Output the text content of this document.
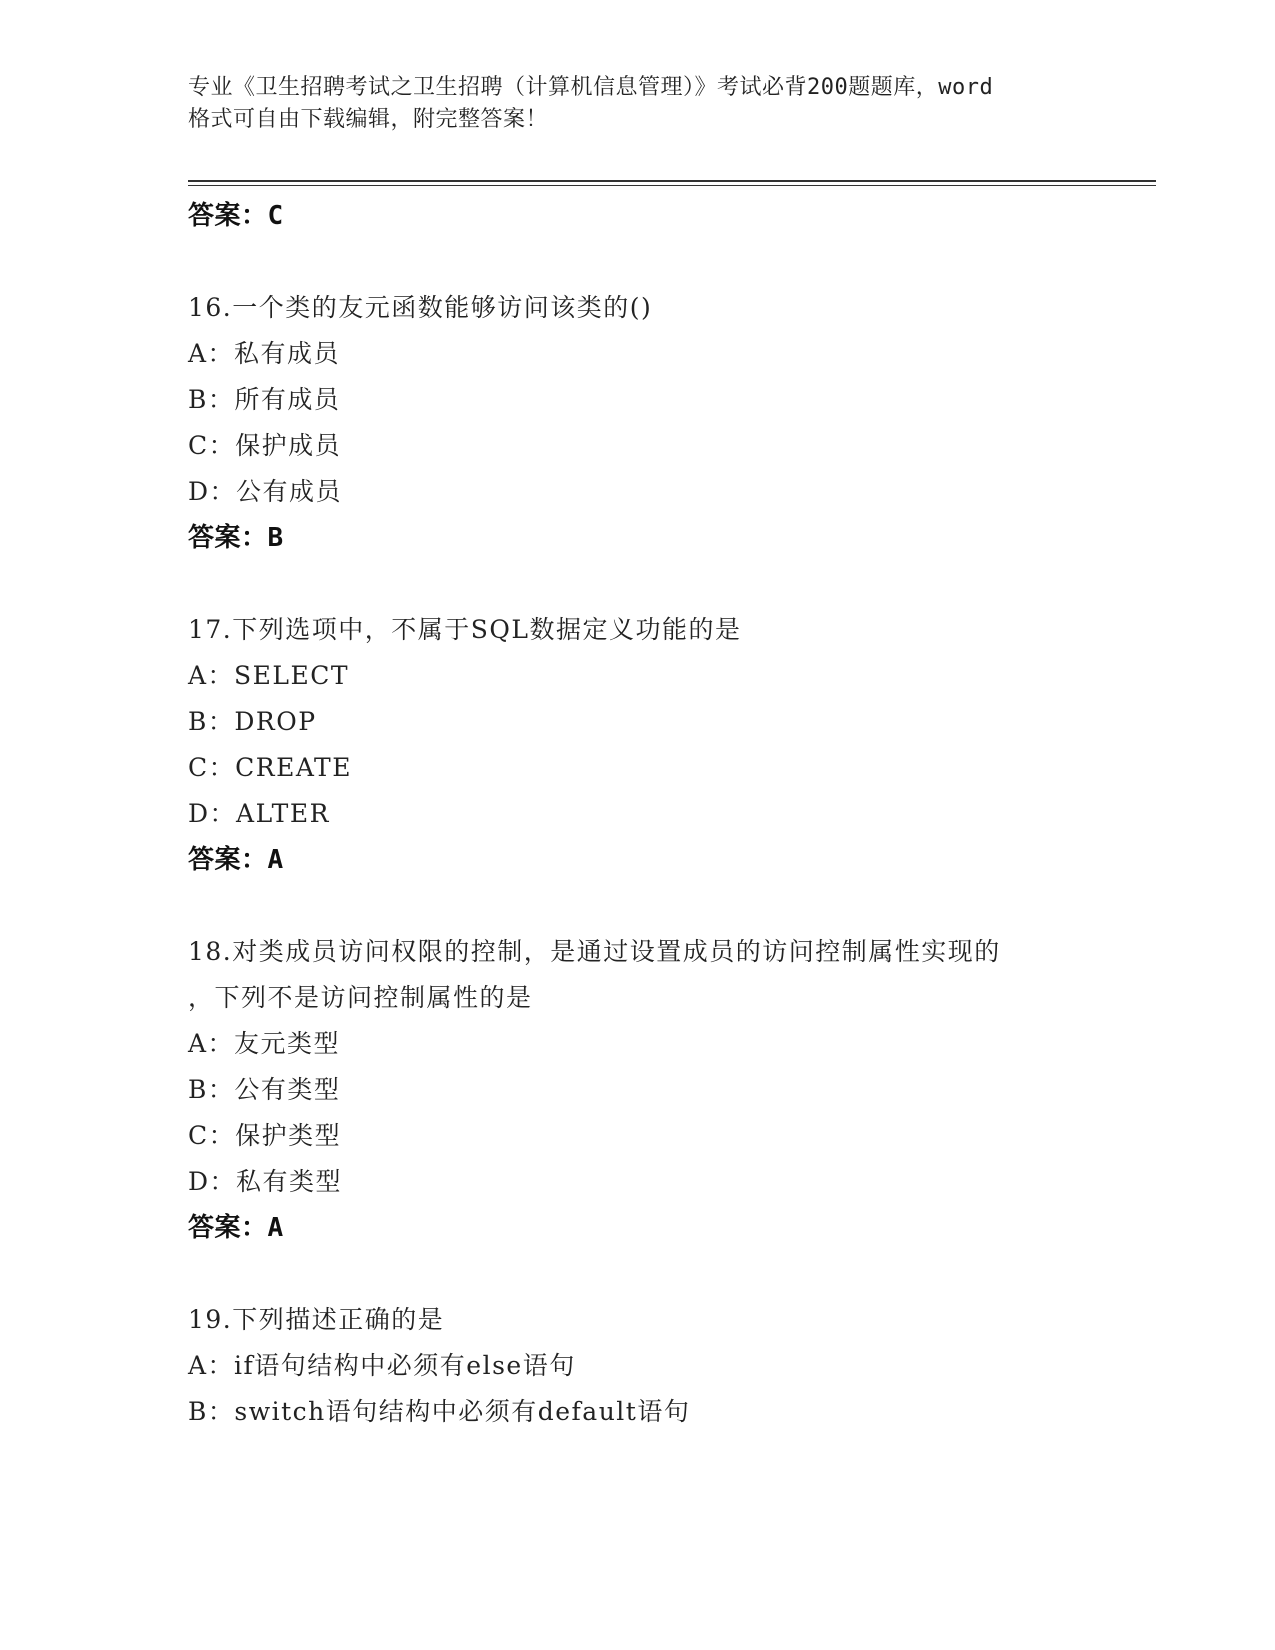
专业《卫生招聘考试之卫生招聘（计算机信息管理）》考试必背200题题库，word
格式可自由下载编辑，附完整答案！
答案：C
16.一个类的友元函数能够访问该类的()
A：私有成员
B：所有成员
C：保护成员
D：公有成员
答案：B
17.下列选项中，不属于SQL数据定义功能的是
A：SELECT
B：DROP
C：CREATE
D：ALTER
答案：A
18.对类成员访问权限的控制，是通过设置成员的访问控制属性实现的
，下列不是访问控制属性的是
A：友元类型
B：公有类型
C：保护类型
D：私有类型
答案：A
19.下列描述正确的是
A：if语句结构中必须有else语句
B：switch语句结构中必须有default语句
